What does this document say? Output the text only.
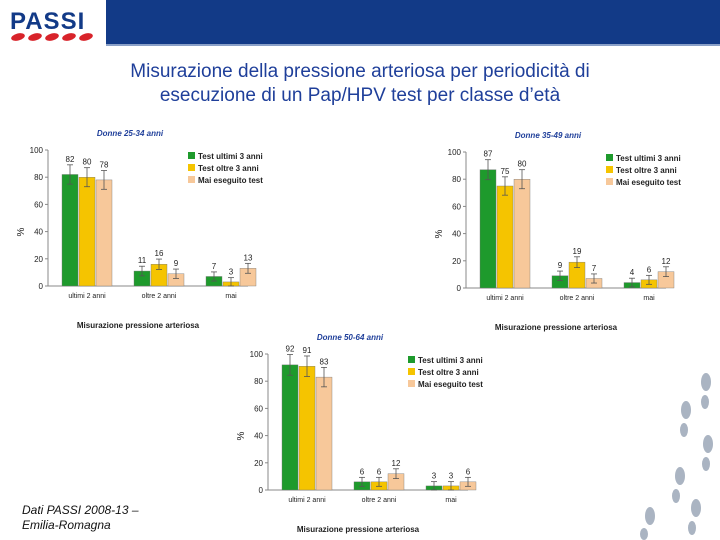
PASSI
Misurazione della pressione arteriosa per periodicità di
esecuzione di un Pap/HPV test per classe d’età
Donne 25-34 anni
%
0
20
40
60
80
100
82 80 78
ultimi 2 anni
11
16
9
oltre 2 anni
7
3
13
mai
Misurazione pressione arteriosa
Test ultimi 3 anni
Test oltre 3 anni
Mai eseguito test
Donne 35-49 anni
%
0
20
40
60
80
100	87
75
80
ultimi 2 anni
9
19
7
oltre 2 anni
4 6
12
mai
Misurazione pressione arteriosa
Test ultimi 3 anni
Test oltre 3 anni
Mai eseguito test
Donne 50-64 anni
%
0
20
40
60
80
100
92 91
83
ultimi 2 anni
6 6
12
oltre 2 anni
3 3 6
mai
Misurazione pressione arteriosa
Test ultimi 3 anni
Test oltre 3 anni
Mai eseguito test
Dati PASSI 2008-13 –
Emilia-Romagna
